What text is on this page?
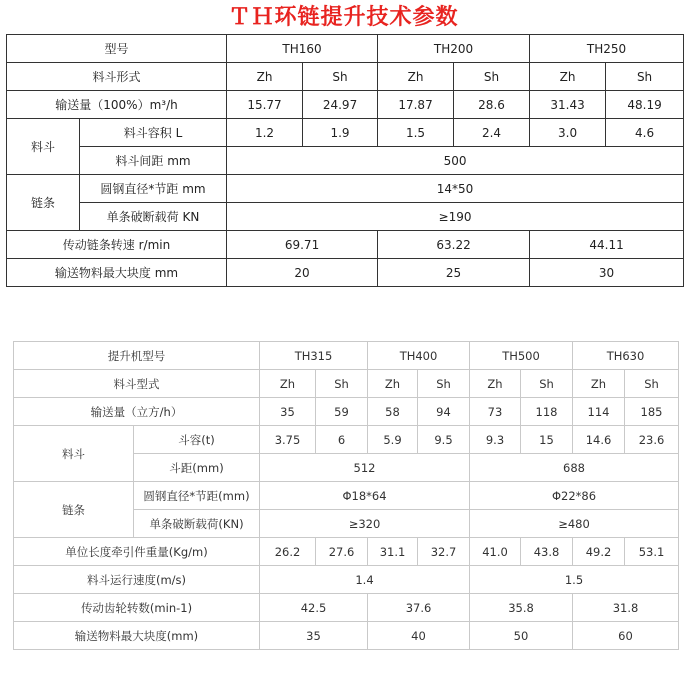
ＴＨ环链提升技术参数
型号		TH160		TH200		TH250	
料斗形式		Zh	Sh	Zh	Sh	Zh	Sh
输送量（100%）m³/h		15.77	24.97	17.87	28.6	31.43	48.19
料斗	料斗容积 L	1.2	1.9	1.5	2.4	3.0	4.6
	料斗间距 mm	500					
链条	圆钢直径*节距 mm	14*50					
	单条破断载荷 KN	≥190					
传动链条转速 r/min		69.71		63.22		44.11	
输送物料最大块度 mm		20		25		30	
提升机型号		TH315		TH400		TH500		TH630	
料斗型式		Zh	Sh	Zh	Sh	Zh	Sh	Zh	Sh
输送量（立方/h）		35	59	58	94	73	118	114	185
料斗	斗容(t)	3.75	6	5.9	9.5	9.3	15	14.6	23.6
	斗距(mm)	512				688			
链条	圆钢直径*节距(mm)	Φ18*64				Φ22*86			
	单条破断载荷(KN)	≥320				≥480			
单位长度牵引件重量(Kg/m)		26.2	27.6	31.1	32.7	41.0	43.8	49.2	53.1
料斗运行速度(m/s)		1.4				1.5			
传动齿轮转数(min-1)		42.5		37.6		35.8		31.8	
输送物料最大块度(mm)		35		40		50		60	
